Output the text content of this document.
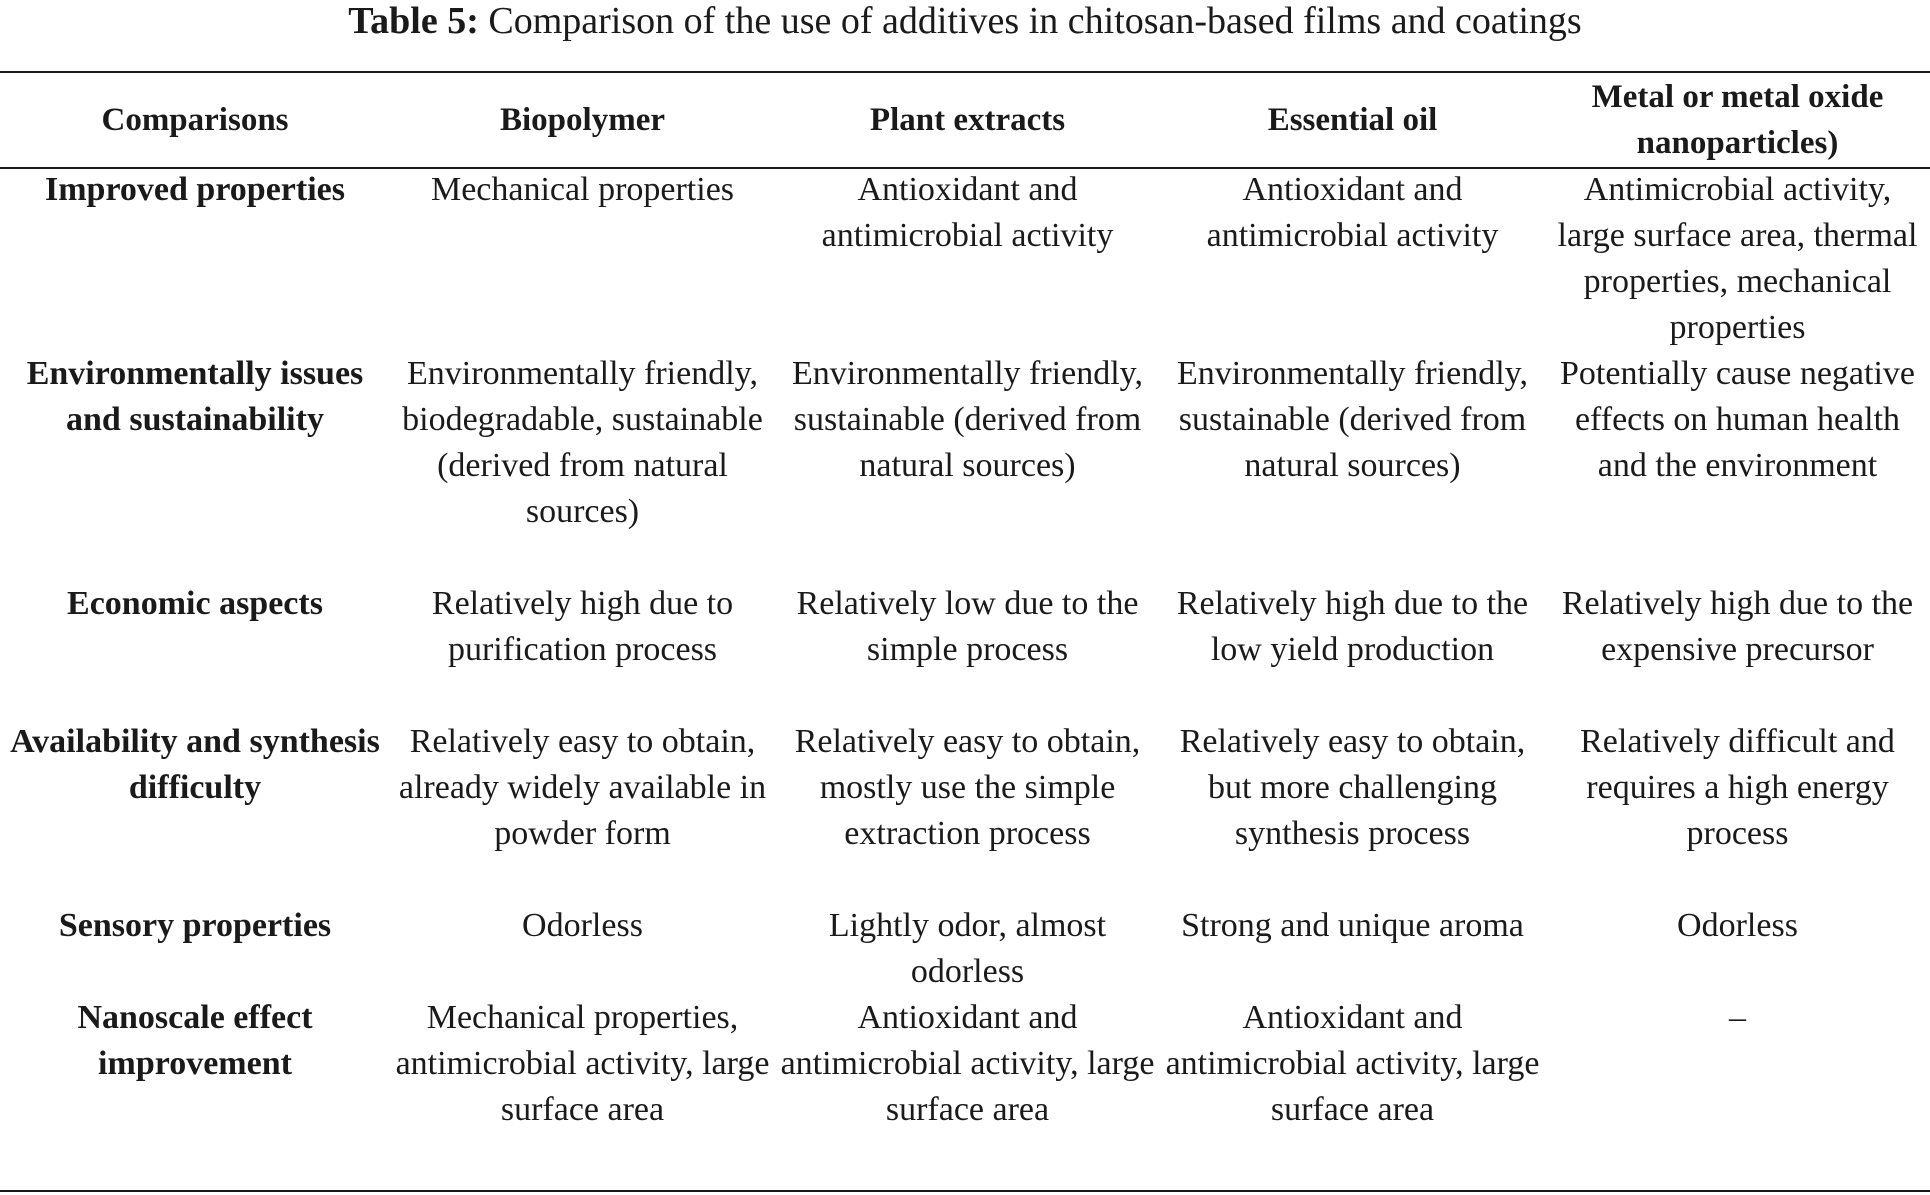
Table 5: Comparison of the use of additives in chitosan-based films and coatings
Comparisons	Biopolymer	Plant extracts	Essential oil	Metal or metal oxide nanoparticles)
Improved properties	Mechanical properties	Antioxidant and antimicrobial activity	Antioxidant and antimicrobial activity	Antimicrobial activity, large surface area, thermal properties, mechanical properties
Environmentally issues and sustainability	Environmentally friendly, biodegradable, sustainable (derived from natural sources)	Environmentally friendly, sustainable (derived from natural sources)	Environmentally friendly, sustainable (derived from natural sources)	Potentially cause negative effects on human health and the environment
Economic aspects	Relatively high due to purification process	Relatively low due to the simple process	Relatively high due to the low yield production	Relatively high due to the expensive precursor
Availability and synthesis difficulty	Relatively easy to obtain, already widely available in powder form	Relatively easy to obtain, mostly use the simple extraction process	Relatively easy to obtain, but more challenging synthesis process	Relatively difficult and requires a high energy process
Sensory properties	Odorless	Lightly odor, almost odorless	Strong and unique aroma	Odorless
Nanoscale effect improvement	Mechanical properties, antimicrobial activity, large surface area	Antioxidant and antimicrobial activity, large surface area	Antioxidant and antimicrobial activity, large surface area	–
